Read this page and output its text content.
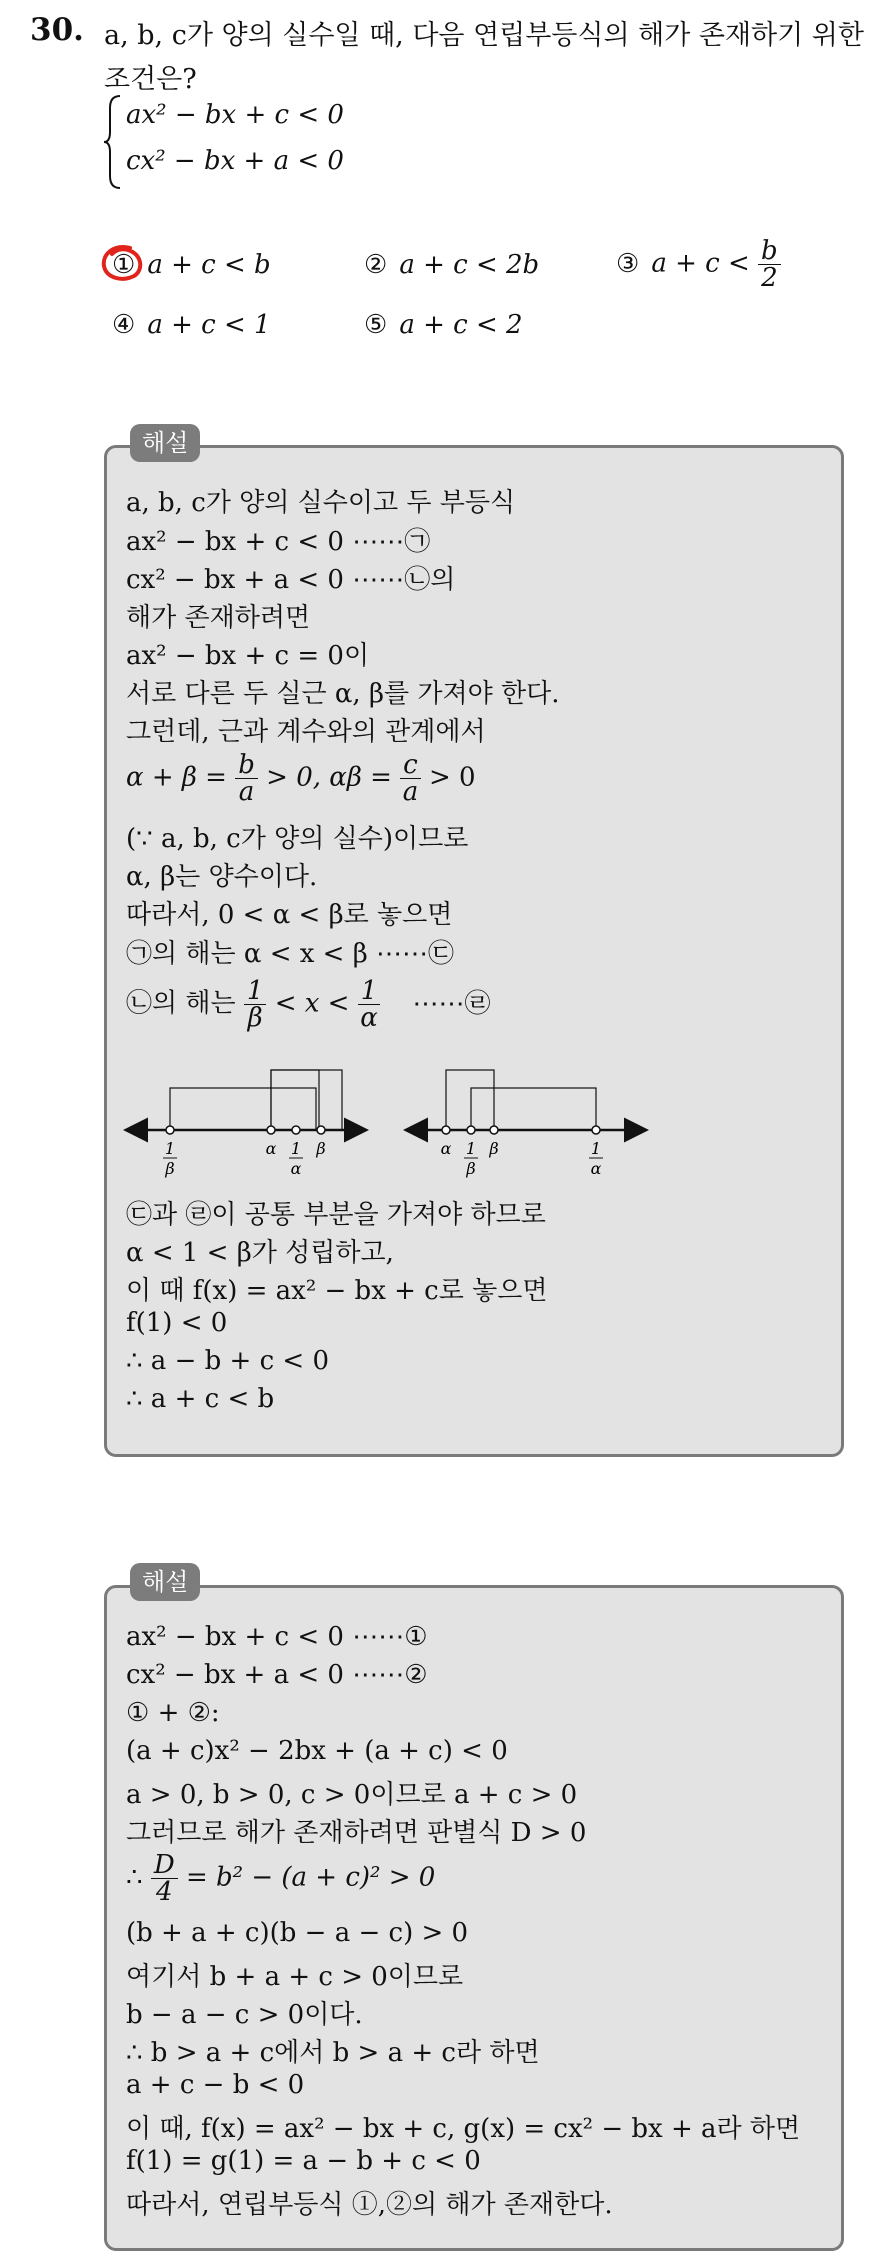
30. a, b, c가 양의 실수일 때, 다음 연립부등식의 해가 존재하기 위한
조건은?
ax² − bx + c < 0
cx² − bx + a < 0
① a + c < b	② a + c < 2b	③ $a + c < \frac{b}{2}$
④ a + c < 1	⑤ a + c < 2
해설
a, b, c가 양의 실수이고 두 부등식
ax² − bx + c < 0 ⋯⋯㉠
cx² − bx + a < 0 ⋯⋯㉡의
해가 존재하려면
ax² − bx + c = 0이
서로 다른 두 실근 α, β를 가져야 한다.
그런데, 근과 계수와의 관계에서
$\alpha + \beta = \frac{b}{a} > 0$, $\alpha\beta = \frac{c}{a} > 0$
(∵ a, b, c가 양의 실수)이므로
α, β는 양수이다.
따라서, 0 < α < β로 놓으면
㉠의 해는 α < x < β ⋯⋯㉢
㉡의 해는 $\frac{1}{\beta} < x < \frac{1}{\alpha}$ ⋯⋯㉣
1
β
α 1
α
β	α 1
β
β	1
α
㉢과 ㉣이 공통 부분을 가져야 하므로
α < 1 < β가 성립하고,
이 때 f(x) = ax² − bx + c로 놓으면
f(1) < 0
∴ a − b + c < 0
∴ a + c < b
해설
ax² − bx + c < 0 ⋯⋯①
cx² − bx + a < 0 ⋯⋯②
① + ②:
(a + c)x² − 2bx + (a + c) < 0
a > 0, b > 0, c > 0이므로 a + c > 0
그러므로 해가 존재하려면 판별식 D > 0
∴ $\frac{D}{4} = b^2 - (a + c)^2 > 0$
(b + a + c)(b − a − c) > 0
여기서 b + a + c > 0이므로
b − a − c > 0이다.
∴ b > a + c에서 b > a + c라 하면
a + c − b < 0
이 때, f(x) = ax² − bx + c, g(x) = cx² − bx + a라 하면
f(1) = g(1) = a − b + c < 0
따라서, 연립부등식 ①,②의 해가 존재한다.
